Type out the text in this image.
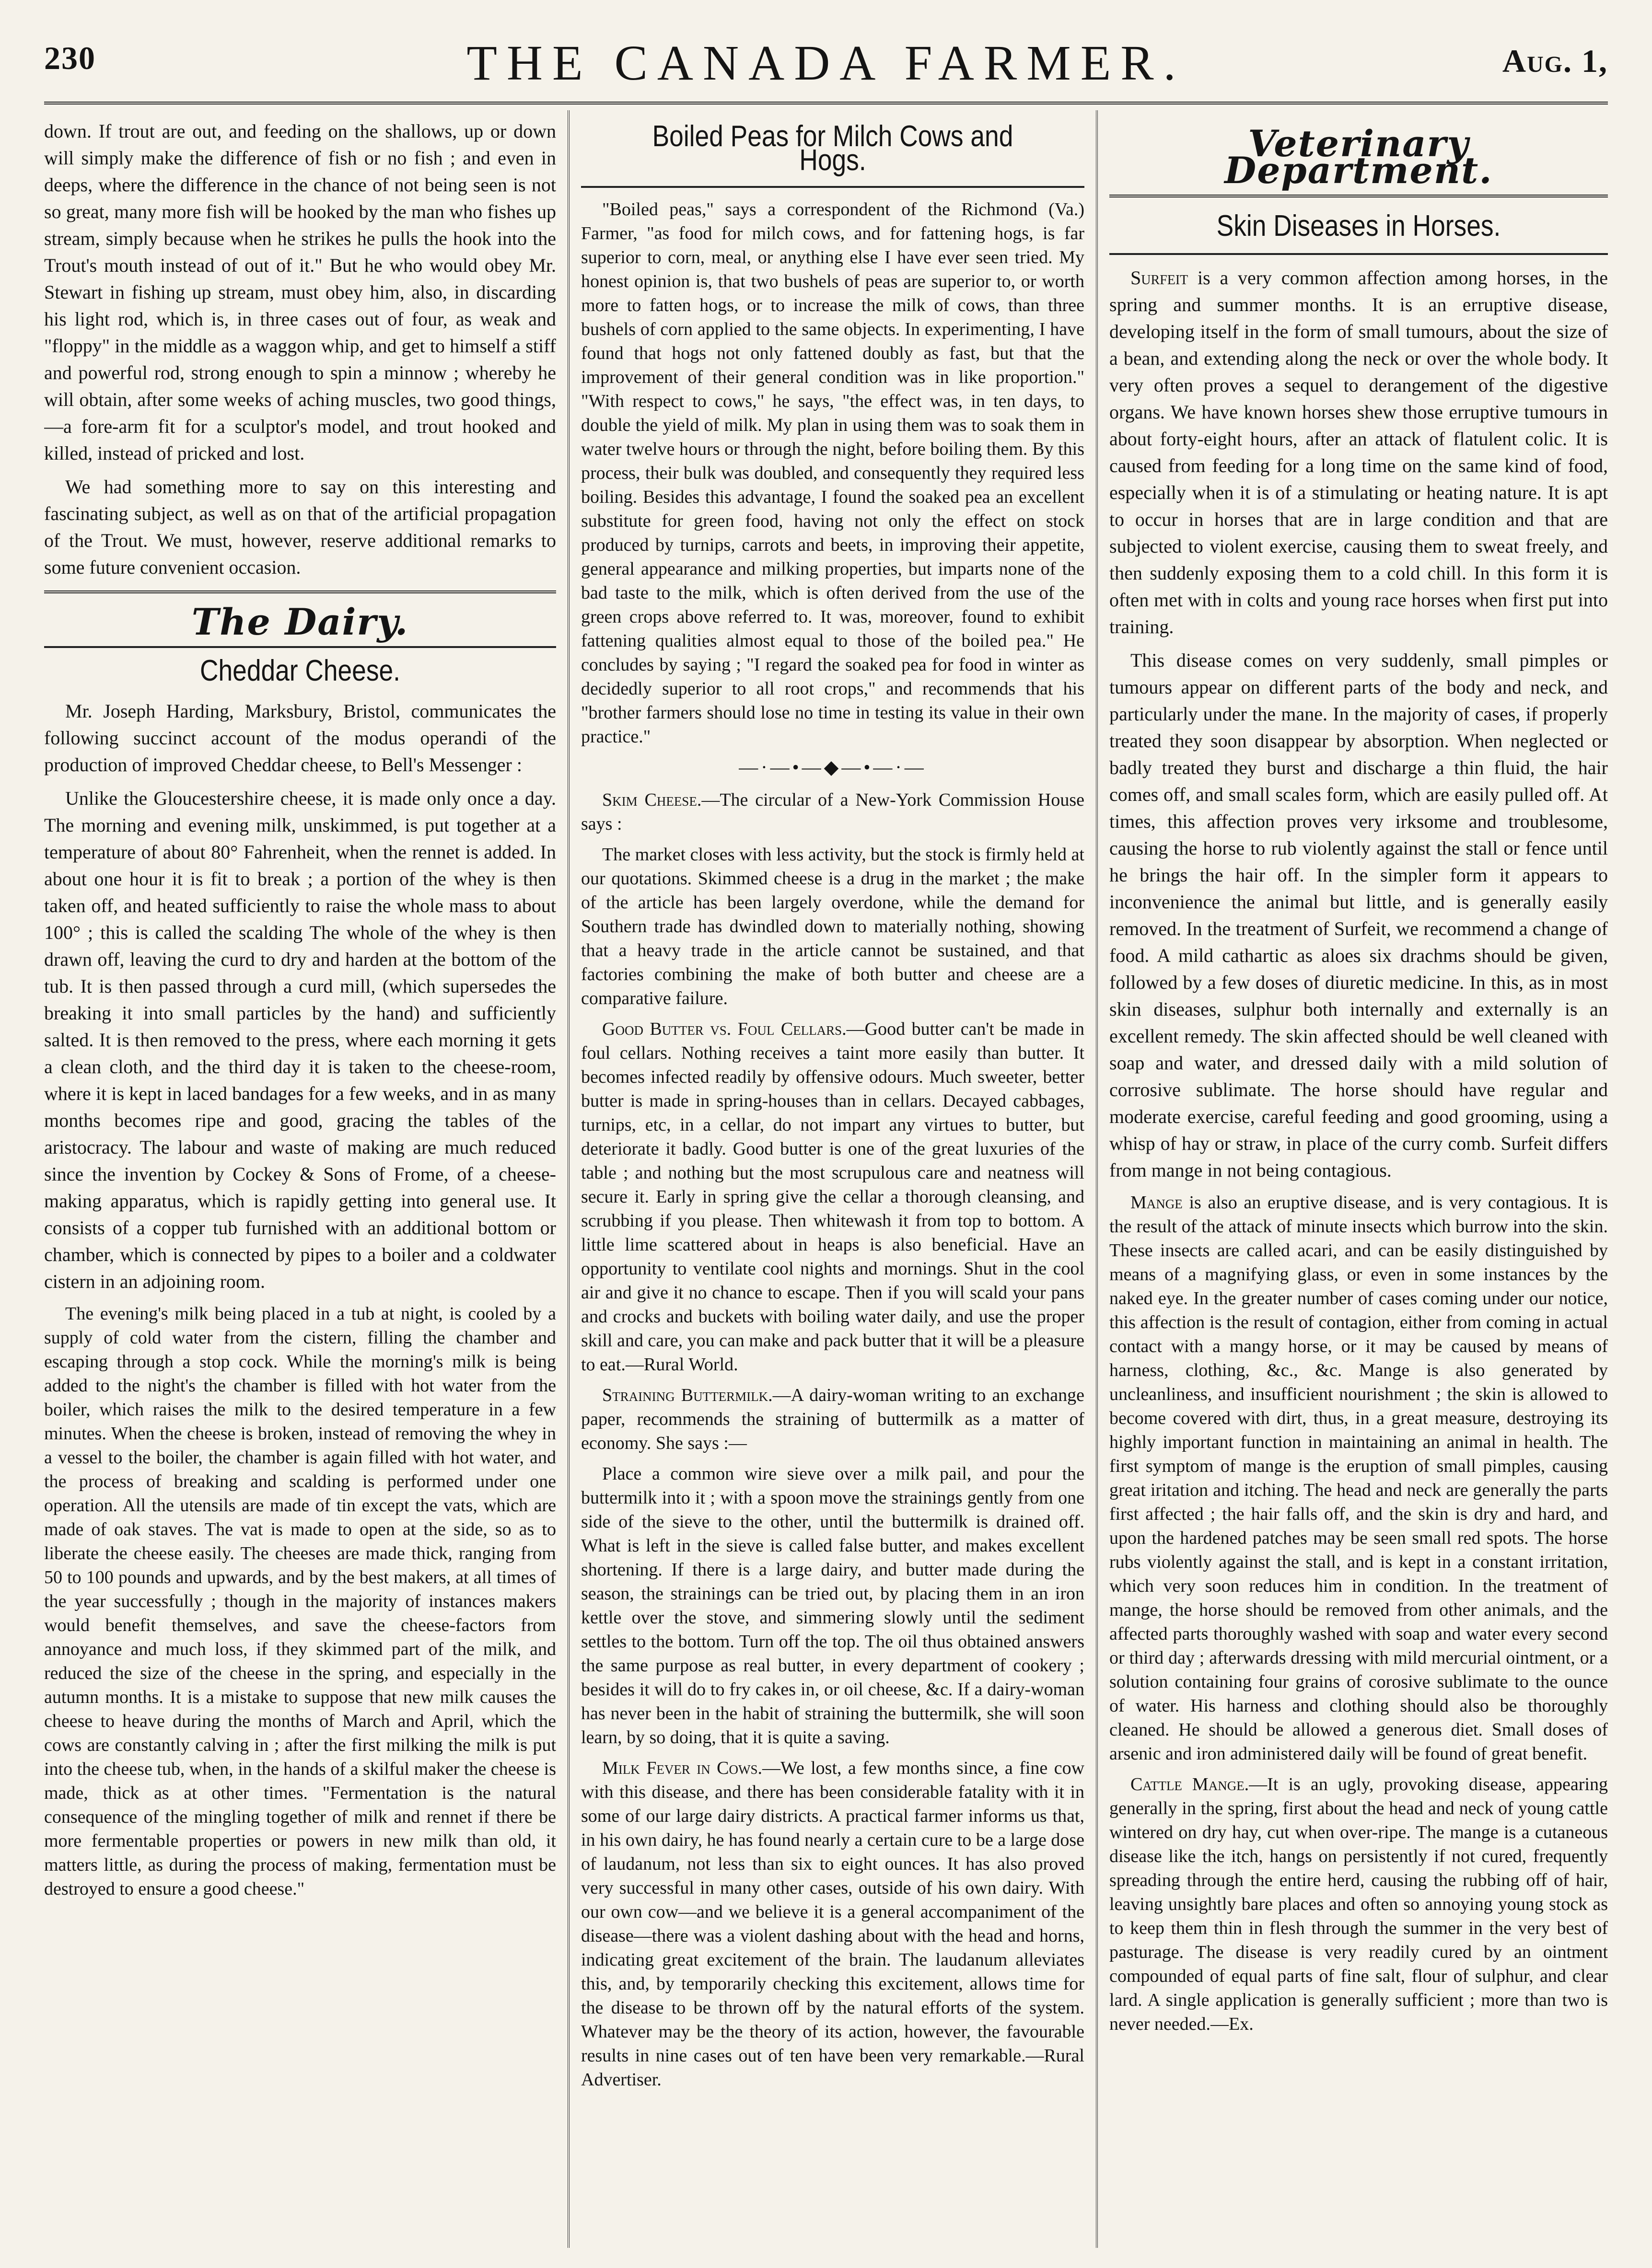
230	THE CANADA FARMER.	Aug. 1,

down. If trout are out, and feeding on the shallows, up or down will simply make the difference of fish or no fish ; and even in deeps, where the difference in the chance of not being seen is not so great, many more fish will be hooked by the man who fishes up stream, simply because when he strikes he pulls the hook into the Trout's mouth instead of out of it." But he who would obey Mr. Stewart in fishing up stream, must obey him, also, in discarding his light rod, which is, in three cases out of four, as weak and "floppy" in the middle as a waggon whip, and get to himself a stiff and powerful rod, strong enough to spin a minnow ; whereby he will obtain, after some weeks of aching muscles, two good things,—a fore-arm fit for a sculptor's model, and trout hooked and killed, instead of pricked and lost.

We had something more to say on this interesting and fascinating subject, as well as on that of the artificial propagation of the Trout. We must, however, reserve additional remarks to some future convenient occasion.

The Dairy.
Cheddar Cheese.

Mr. Joseph Harding, Marksbury, Bristol, communicates the following succinct account of the modus operandi of the production of improved Cheddar cheese, to Bell's Messenger :

Unlike the Gloucestershire cheese, it is made only once a day. The morning and evening milk, unskimmed, is put together at a temperature of about 80° Fahrenheit, when the rennet is added. In about one hour it is fit to break ; a portion of the whey is then taken off, and heated sufficiently to raise the whole mass to about 100° ; this is called the scalding The whole of the whey is then drawn off, leaving the curd to dry and harden at the bottom of the tub. It is then passed through a curd mill, (which supersedes the breaking it into small particles by the hand) and sufficiently salted. It is then removed to the press, where each morning it gets a clean cloth, and the third day it is taken to the cheese-room, where it is kept in laced bandages for a few weeks, and in as many months becomes ripe and good, gracing the tables of the aristocracy. The labour and waste of making are much reduced since the invention by Cockey & Sons of Frome, of a cheese-making apparatus, which is rapidly getting into general use. It consists of a copper tub furnished with an additional bottom or chamber, which is connected by pipes to a boiler and a coldwater cistern in an adjoining room.

The evening's milk being placed in a tub at night, is cooled by a supply of cold water from the cistern, filling the chamber and escaping through a stop cock. While the morning's milk is being added to the night's the chamber is filled with hot water from the boiler, which raises the milk to the desired temperature in a few minutes. When the cheese is broken, instead of removing the whey in a vessel to the boiler, the chamber is again filled with hot water, and the process of breaking and scalding is performed under one operation. All the utensils are made of tin except the vats, which are made of oak staves. The vat is made to open at the side, so as to liberate the cheese easily. The cheeses are made thick, ranging from 50 to 100 pounds and upwards, and by the best makers, at all times of the year successfully ; though in the majority of instances makers would benefit themselves, and save the cheese-factors from annoyance and much loss, if they skimmed part of the milk, and reduced the size of the cheese in the spring, and especially in the autumn months. It is a mistake to suppose that new milk causes the cheese to heave during the months of March and April, which the cows are constantly calving in ; after the first milking the milk is put into the cheese tub, when, in the hands of a skilful maker the cheese is made, thick as at other times. "Fermentation is the natural consequence of the mingling together of milk and rennet if there be more fermentable properties or powers in new milk than old, it matters little, as during the process of making, fermentation must be destroyed to ensure a good cheese."

Boiled Peas for Milch Cows and Hogs.

"Boiled peas," says a correspondent of the Richmond (Va.) Farmer, "as food for milch cows, and for fattening hogs, is far superior to corn, meal, or anything else I have ever seen tried. My honest opinion is, that two bushels of peas are superior to, or worth more to fatten hogs, or to increase the milk of cows, than three bushels of corn applied to the same objects. In experimenting, I have found that hogs not only fattened doubly as fast, but that the improvement of their general condition was in like proportion." "With respect to cows," he says, "the effect was, in ten days, to double the yield of milk. My plan in using them was to soak them in water twelve hours or through the night, before boiling them. By this process, their bulk was doubled, and consequently they required less boiling. Besides this advantage, I found the soaked pea an excellent substitute for green food, having not only the effect on stock produced by turnips, carrots and beets, in improving their appetite, general appearance and milking properties, but imparts none of the bad taste to the milk, which is often derived from the use of the green crops above referred to. It was, moreover, found to exhibit fattening qualities almost equal to those of the boiled pea." He concludes by saying ; "I regard the soaked pea for food in winter as decidedly superior to all root crops," and recommends that his "brother farmers should lose no time in testing its value in their own practice."

—·—•—◆—•—·—

Skim Cheese.—The circular of a New-York Commission House says :

The market closes with less activity, but the stock is firmly held at our quotations. Skimmed cheese is a drug in the market ; the make of the article has been largely overdone, while the demand for Southern trade has dwindled down to materially nothing, showing that a heavy trade in the article cannot be sustained, and that factories combining the make of both butter and cheese are a comparative failure.

Good Butter vs. Foul Cellars.—Good butter can't be made in foul cellars. Nothing receives a taint more easily than butter. It becomes infected readily by offensive odours. Much sweeter, better butter is made in spring-houses than in cellars. Decayed cabbages, turnips, etc, in a cellar, do not impart any virtues to butter, but deteriorate it badly. Good butter is one of the great luxuries of the table ; and nothing but the most scrupulous care and neatness will secure it. Early in spring give the cellar a thorough cleansing, and scrubbing if you please. Then whitewash it from top to bottom. A little lime scattered about in heaps is also beneficial. Have an opportunity to ventilate cool nights and mornings. Shut in the cool air and give it no chance to escape. Then if you will scald your pans and crocks and buckets with boiling water daily, and use the proper skill and care, you can make and pack butter that it will be a pleasure to eat.—Rural World.

Straining Buttermilk.—A dairy-woman writing to an exchange paper, recommends the straining of buttermilk as a matter of economy. She says :—

Place a common wire sieve over a milk pail, and pour the buttermilk into it ; with a spoon move the strainings gently from one side of the sieve to the other, until the buttermilk is drained off. What is left in the sieve is called false butter, and makes excellent shortening. If there is a large dairy, and butter made during the season, the strainings can be tried out, by placing them in an iron kettle over the stove, and simmering slowly until the sediment settles to the bottom. Turn off the top. The oil thus obtained answers the same purpose as real butter, in every department of cookery ; besides it will do to fry cakes in, or oil cheese, &c. If a dairy-woman has never been in the habit of straining the buttermilk, she will soon learn, by so doing, that it is quite a saving.

Milk Fever in Cows.—We lost, a few months since, a fine cow with this disease, and there has been considerable fatality with it in some of our large dairy districts. A practical farmer informs us that, in his own dairy, he has found nearly a certain cure to be a large dose of laudanum, not less than six to eight ounces. It has also proved very successful in many other cases, outside of his own dairy. With our own cow—and we believe it is a general accompaniment of the disease—there was a violent dashing about with the head and horns, indicating great excitement of the brain. The laudanum alleviates this, and, by temporarily checking this excitement, allows time for the disease to be thrown off by the natural efforts of the system. Whatever may be the theory of its action, however, the favourable results in nine cases out of ten have been very remarkable.—Rural Advertiser.

Veterinary Department.
Skin Diseases in Horses.

Surfeit is a very common affection among horses, in the spring and summer months. It is an erruptive disease, developing itself in the form of small tumours, about the size of a bean, and extending along the neck or over the whole body. It very often proves a sequel to derangement of the digestive organs. We have known horses shew those erruptive tumours in about forty-eight hours, after an attack of flatulent colic. It is caused from feeding for a long time on the same kind of food, especially when it is of a stimulating or heating nature. It is apt to occur in horses that are in large condition and that are subjected to violent exercise, causing them to sweat freely, and then suddenly exposing them to a cold chill. In this form it is often met with in colts and young race horses when first put into training.

This disease comes on very suddenly, small pimples or tumours appear on different parts of the body and neck, and particularly under the mane. In the majority of cases, if properly treated they soon disappear by absorption. When neglected or badly treated they burst and discharge a thin fluid, the hair comes off, and small scales form, which are easily pulled off. At times, this affection proves very irksome and troublesome, causing the horse to rub violently against the stall or fence until he brings the hair off. In the simpler form it appears to inconvenience the animal but little, and is generally easily removed. In the treatment of Surfeit, we recommend a change of food. A mild cathartic as aloes six drachms should be given, followed by a few doses of diuretic medicine. In this, as in most skin diseases, sulphur both internally and externally is an excellent remedy. The skin affected should be well cleaned with soap and water, and dressed daily with a mild solution of corrosive sublimate. The horse should have regular and moderate exercise, careful feeding and good grooming, using a whisp of hay or straw, in place of the curry comb. Surfeit differs from mange in not being contagious.

Mange is also an eruptive disease, and is very contagious. It is the result of the attack of minute insects which burrow into the skin. These insects are called acari, and can be easily distinguished by means of a magnifying glass, or even in some instances by the naked eye. In the greater number of cases coming under our notice, this affection is the result of contagion, either from coming in actual contact with a mangy horse, or it may be caused by means of harness, clothing, &c., &c. Mange is also generated by uncleanliness, and insufficient nourishment ; the skin is allowed to become covered with dirt, thus, in a great measure, destroying its highly important function in maintaining an animal in health. The first symptom of mange is the eruption of small pimples, causing great iritation and itching. The head and neck are generally the parts first affected ; the hair falls off, and the skin is dry and hard, and upon the hardened patches may be seen small red spots. The horse rubs violently against the stall, and is kept in a constant irritation, which very soon reduces him in condition. In the treatment of mange, the horse should be removed from other animals, and the affected parts thoroughly washed with soap and water every second or third day ; afterwards dressing with mild mercurial ointment, or a solution containing four grains of corosive sublimate to the ounce of water. His harness and clothing should also be thoroughly cleaned. He should be allowed a generous diet. Small doses of arsenic and iron administered daily will be found of great benefit.

Cattle Mange.—It is an ugly, provoking disease, appearing generally in the spring, first about the head and neck of young cattle wintered on dry hay, cut when over-ripe. The mange is a cutaneous disease like the itch, hangs on persistently if not cured, frequently spreading through the entire herd, causing the rubbing off of hair, leaving unsightly bare places and often so annoying young stock as to keep them thin in flesh through the summer in the very best of pasturage. The disease is very readily cured by an ointment compounded of equal parts of fine salt, flour of sulphur, and clear lard. A single application is generally sufficient ; more than two is never needed.—Ex.
